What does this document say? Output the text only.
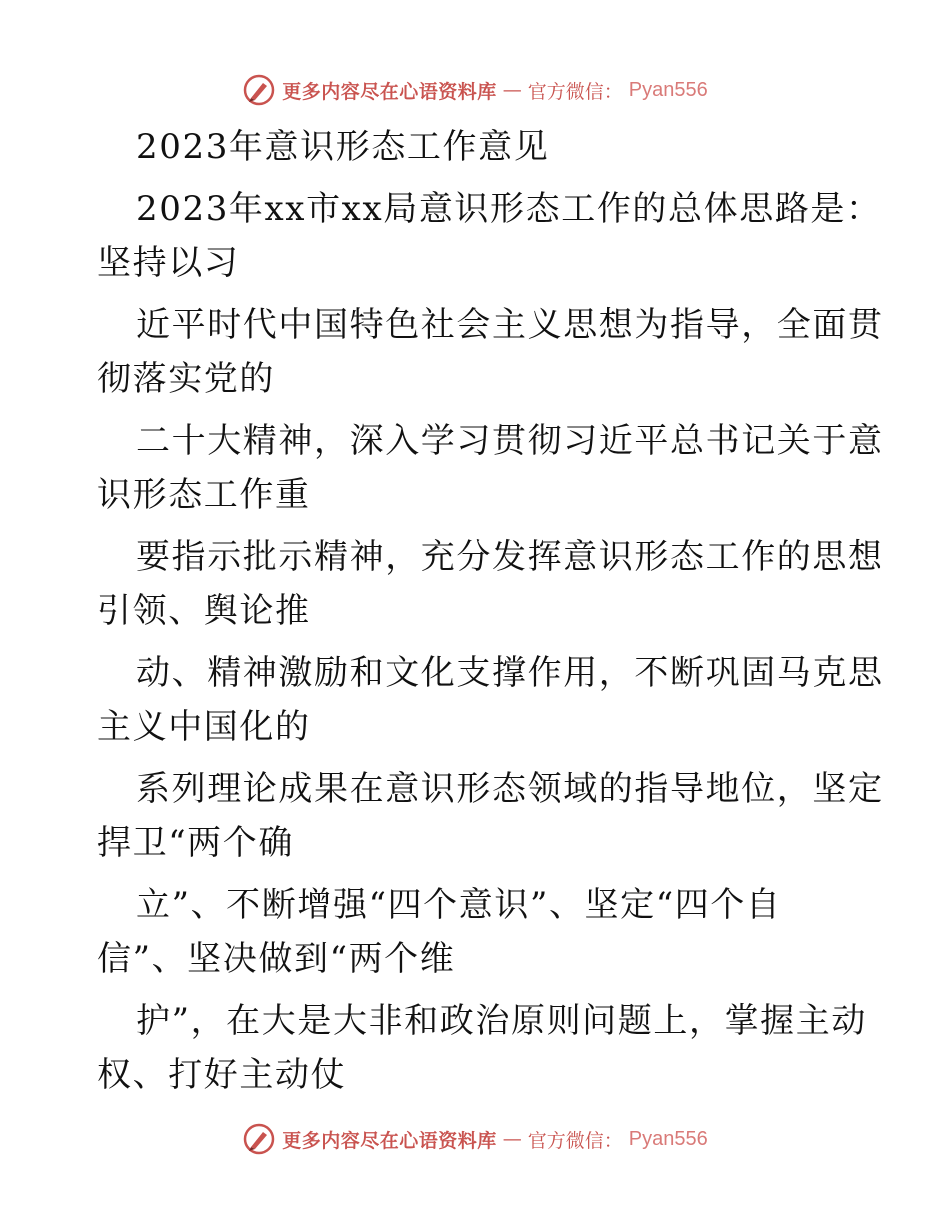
更多内容尽在心语资料库 — 官方微信： Pyan556
2023年意识形态工作意见
2023年xx市xx局意识形态工作的总体思路是：
坚持以习
近平时代中国特色社会主义思想为指导，全面贯
彻落实党的
二十大精神，深入学习贯彻习近平总书记关于意
识形态工作重
要指示批示精神，充分发挥意识形态工作的思想
引领、舆论推
动、精神激励和文化支撑作用，不断巩固马克思
主义中国化的
系列理论成果在意识形态领域的指导地位，坚定
捍卫“两个确
立”、不断增强“四个意识”、坚定“四个自
信”、坚决做到“两个维
护”，在大是大非和政治原则问题上，掌握主动
权、打好主动仗
更多内容尽在心语资料库 — 官方微信： Pyan556
